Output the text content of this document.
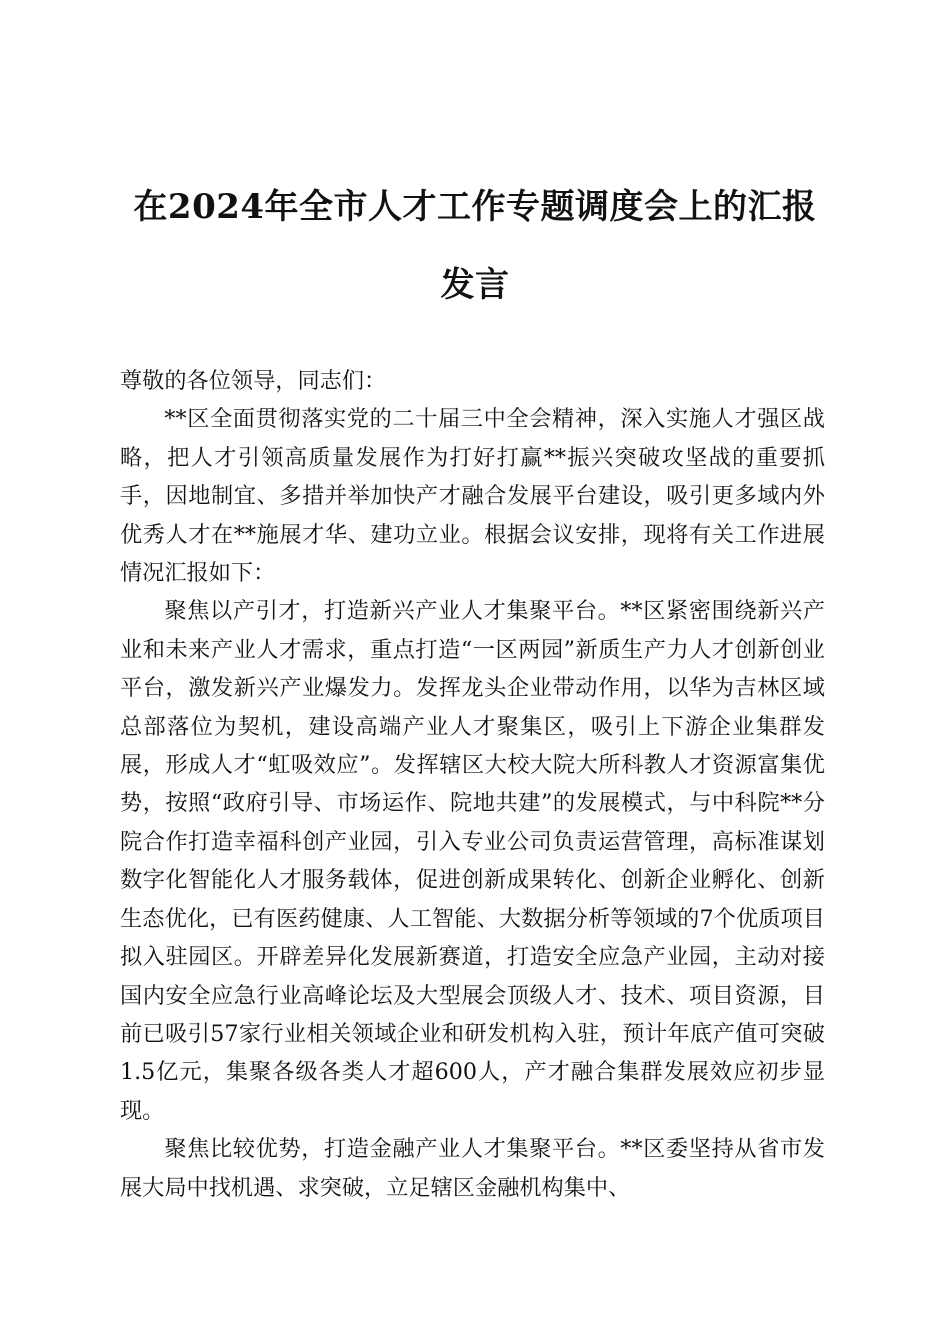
在2024年全市人才工作专题调度会上的汇报
发言

尊敬的各位领导，同志们：

**区全面贯彻落实党的二十届三中全会精神，深入实施人才强区战略，把人才引领高质量发展作为打好打赢**振兴突破攻坚战的重要抓手，因地制宜、多措并举加快产才融合发展平台建设，吸引更多域内外优秀人才在**施展才华、建功立业。根据会议安排，现将有关工作进展情况汇报如下：

聚焦以产引才，打造新兴产业人才集聚平台。**区紧密围绕新兴产业和未来产业人才需求，重点打造“一区两园”新质生产力人才创新创业平台，激发新兴产业爆发力。发挥龙头企业带动作用，以华为吉林区域总部落位为契机，建设高端产业人才聚集区，吸引上下游企业集群发展，形成人才“虹吸效应”。发挥辖区大校大院大所科教人才资源富集优势，按照“政府引导、市场运作、院地共建”的发展模式，与中科院**分院合作打造幸福科创产业园，引入专业公司负责运营管理，高标准谋划数字化智能化人才服务载体，促进创新成果转化、创新企业孵化、创新生态优化，已有医药健康、人工智能、大数据分析等领域的7个优质项目拟入驻园区。开辟差异化发展新赛道，打造安全应急产业园，主动对接国内安全应急行业高峰论坛及大型展会顶级人才、技术、项目资源，目前已吸引57家行业相关领域企业和研发机构入驻，预计年底产值可突破1.5亿元，集聚各级各类人才超600人，产才融合集群发展效应初步显现。

聚焦比较优势，打造金融产业人才集聚平台。**区委坚持从省市发展大局中找机遇、求突破，立足辖区金融机构集中、
